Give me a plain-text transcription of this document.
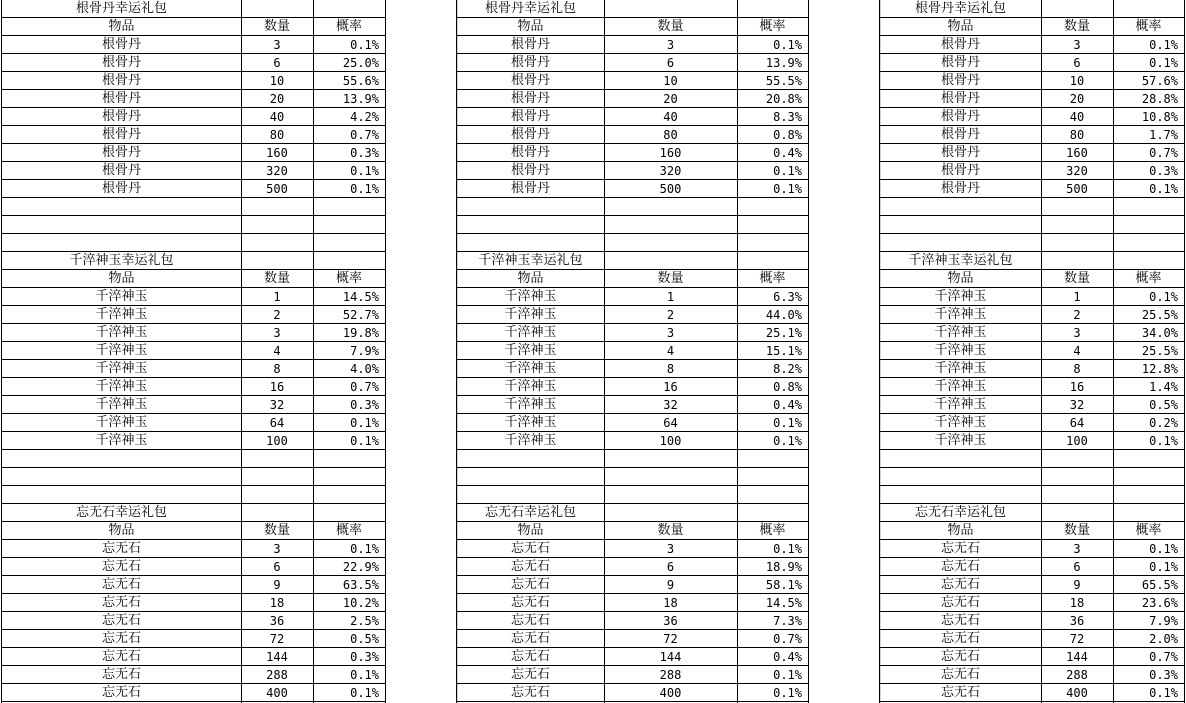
根骨丹幸运礼包
物品	数量	概率
根骨丹	3	0.1%
根骨丹	6	25.0%
根骨丹	10	55.6%
根骨丹	20	13.9%
根骨丹	40	4.2%
根骨丹	80	0.7%
根骨丹	160	0.3%
根骨丹	320	0.1%
根骨丹	500	0.1%
根骨丹幸运礼包
物品	数量	概率
根骨丹	3	0.1%
根骨丹	6	13.9%
根骨丹	10	55.5%
根骨丹	20	20.8%
根骨丹	40	8.3%
根骨丹	80	0.8%
根骨丹	160	0.4%
根骨丹	320	0.1%
根骨丹	500	0.1%
根骨丹幸运礼包
物品	数量	概率
根骨丹	3	0.1%
根骨丹	6	0.1%
根骨丹	10	57.6%
根骨丹	20	28.8%
根骨丹	40	10.8%
根骨丹	80	1.7%
根骨丹	160	0.7%
根骨丹	320	0.3%
根骨丹	500	0.1%
千淬神玉幸运礼包
物品	数量	概率
千淬神玉	1	14.5%
千淬神玉	2	52.7%
千淬神玉	3	19.8%
千淬神玉	4	7.9%
千淬神玉	8	4.0%
千淬神玉	16	0.7%
千淬神玉	32	0.3%
千淬神玉	64	0.1%
千淬神玉	100	0.1%
千淬神玉幸运礼包
物品	数量	概率
千淬神玉	1	6.3%
千淬神玉	2	44.0%
千淬神玉	3	25.1%
千淬神玉	4	15.1%
千淬神玉	8	8.2%
千淬神玉	16	0.8%
千淬神玉	32	0.4%
千淬神玉	64	0.1%
千淬神玉	100	0.1%
千淬神玉幸运礼包
物品	数量	概率
千淬神玉	1	0.1%
千淬神玉	2	25.5%
千淬神玉	3	34.0%
千淬神玉	4	25.5%
千淬神玉	8	12.8%
千淬神玉	16	1.4%
千淬神玉	32	0.5%
千淬神玉	64	0.2%
千淬神玉	100	0.1%
忘无石幸运礼包
物品	数量	概率
忘无石	3	0.1%
忘无石	6	22.9%
忘无石	9	63.5%
忘无石	18	10.2%
忘无石	36	2.5%
忘无石	72	0.5%
忘无石	144	0.3%
忘无石	288	0.1%
忘无石	400	0.1%
忘无石幸运礼包
物品	数量	概率
忘无石	3	0.1%
忘无石	6	18.9%
忘无石	9	58.1%
忘无石	18	14.5%
忘无石	36	7.3%
忘无石	72	0.7%
忘无石	144	0.4%
忘无石	288	0.1%
忘无石	400	0.1%
忘无石幸运礼包
物品	数量	概率
忘无石	3	0.1%
忘无石	6	0.1%
忘无石	9	65.5%
忘无石	18	23.6%
忘无石	36	7.9%
忘无石	72	2.0%
忘无石	144	0.7%
忘无石	288	0.3%
忘无石	400	0.1%
